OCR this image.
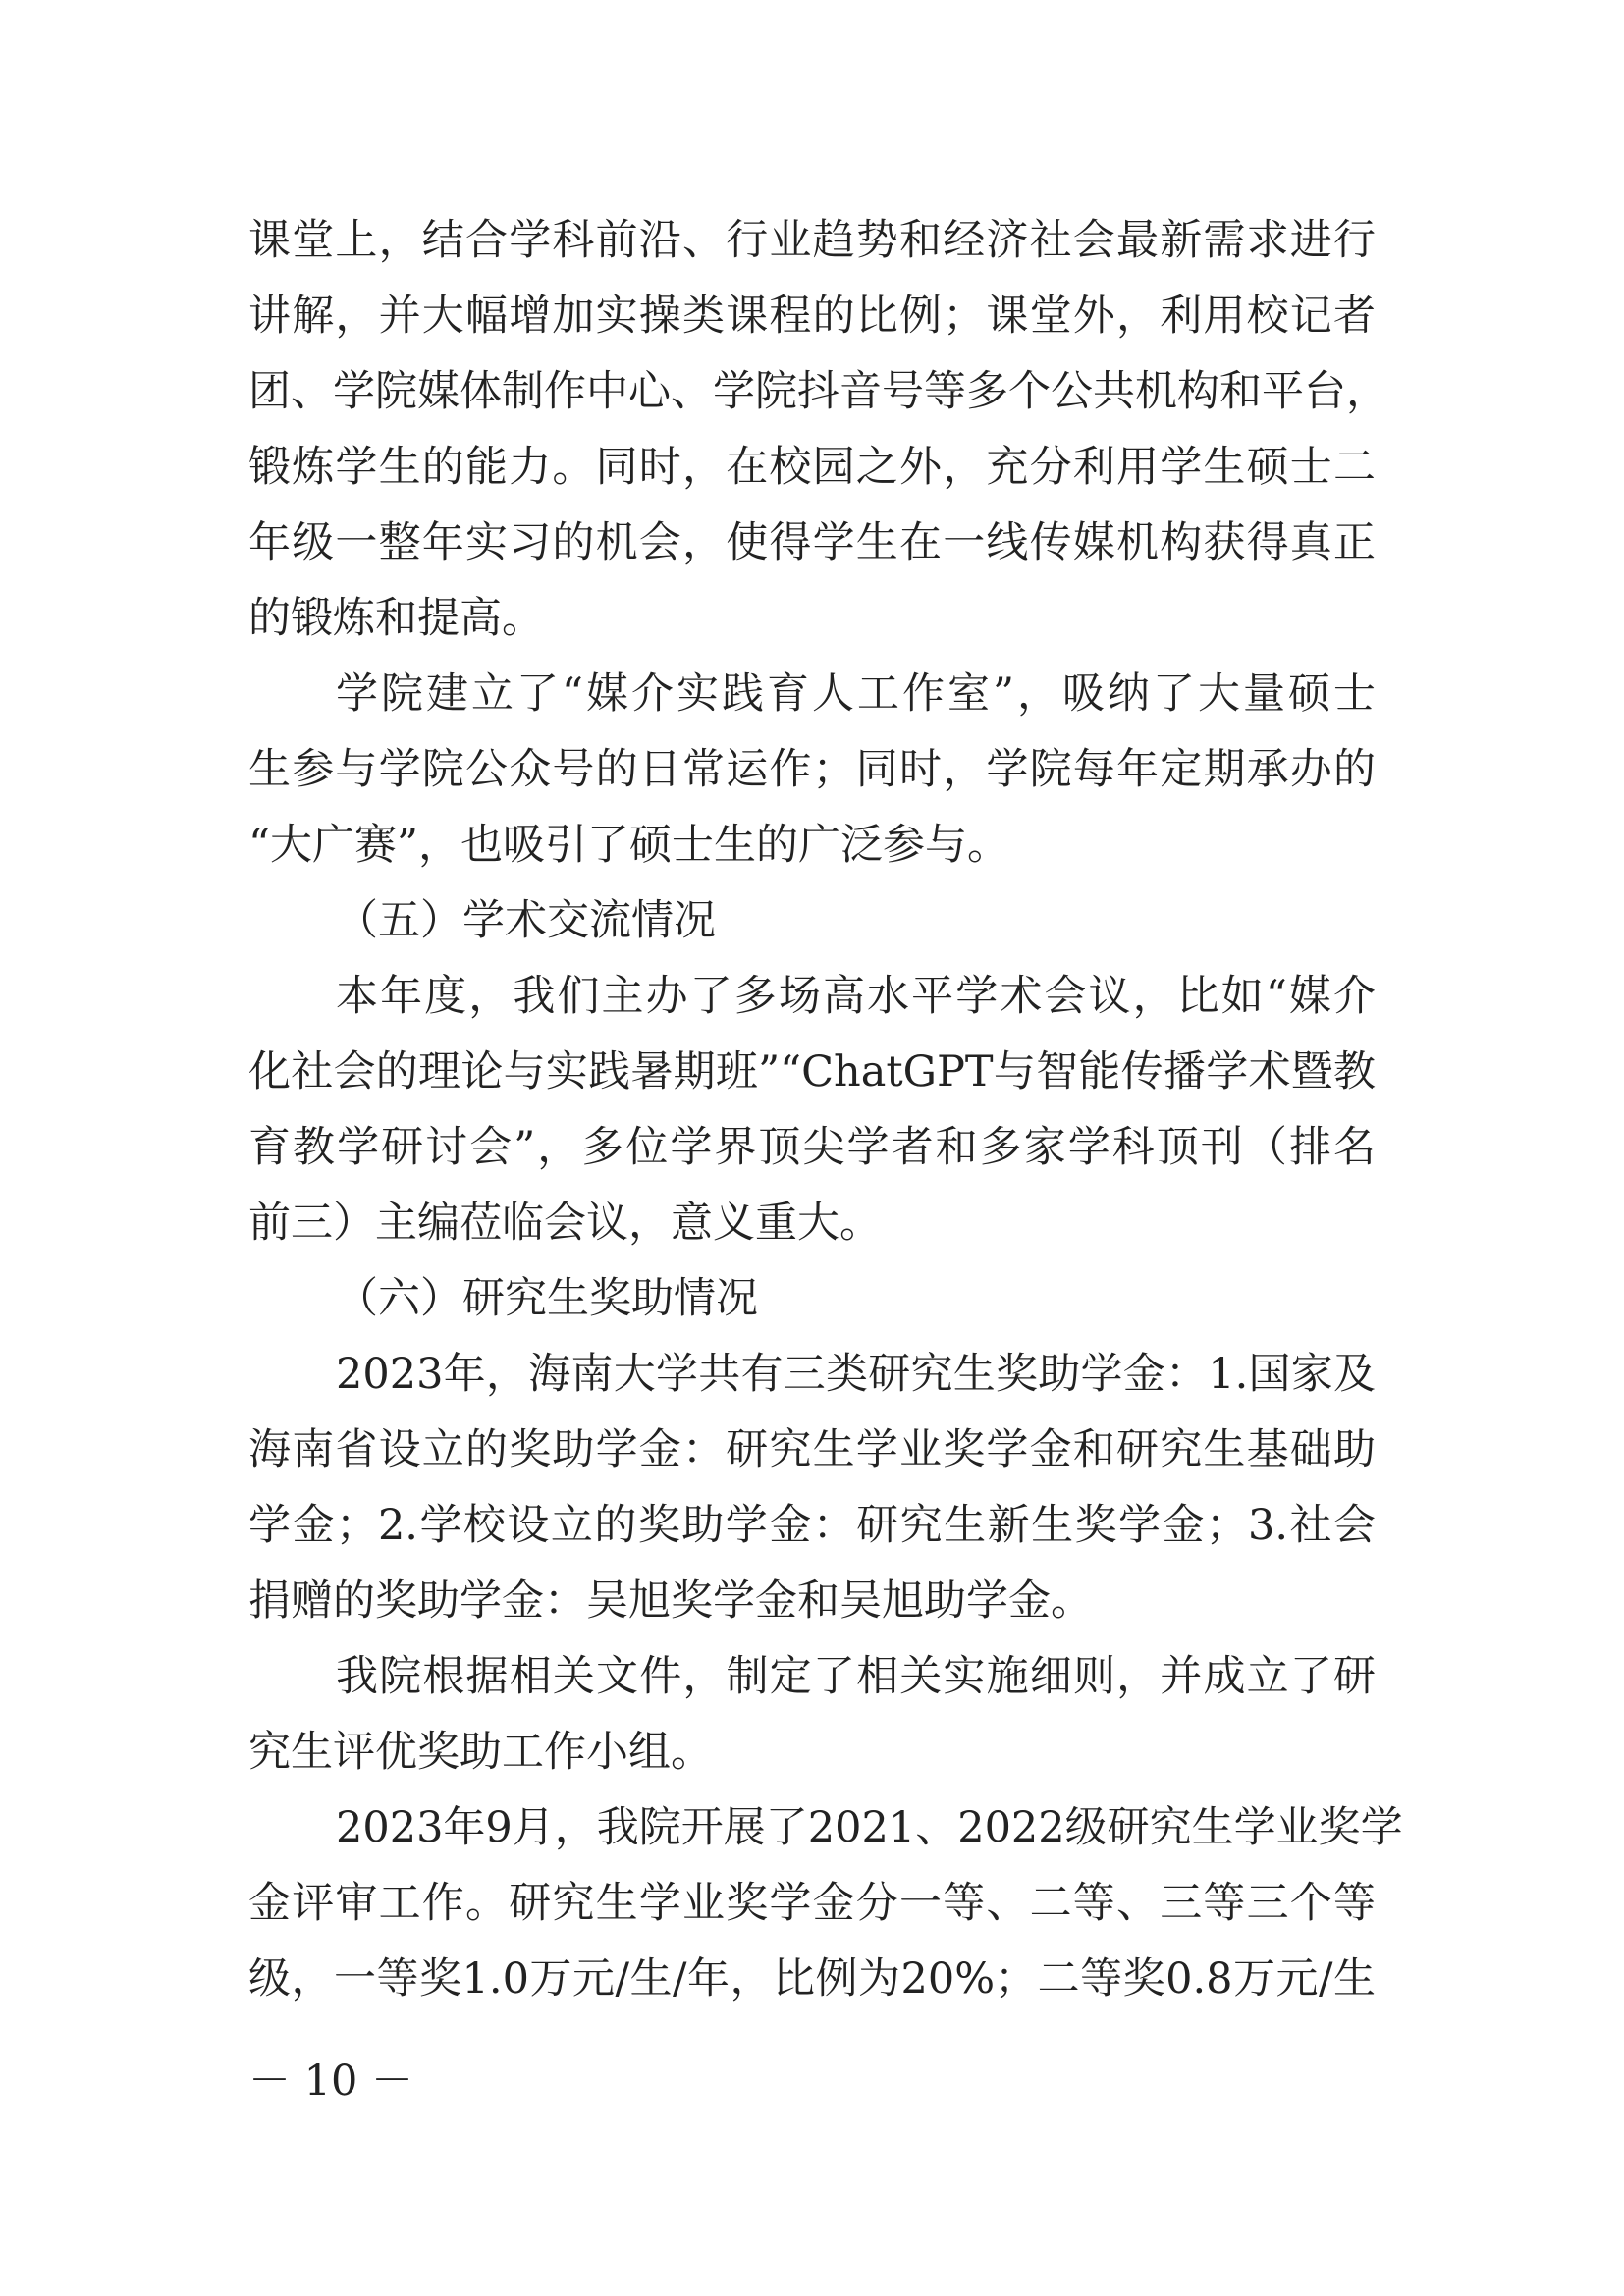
课堂上，结合学科前沿、行业趋势和经济社会最新需求进行
讲解，并大幅增加实操类课程的比例；课堂外，利用校记者
团、学院媒体制作中心、学院抖音号等多个公共机构和平台，
锻炼学生的能力。同时，在校园之外，充分利用学生硕士二
年级一整年实习的机会，使得学生在一线传媒机构获得真正
的锻炼和提高。
学院建立了“媒介实践育人工作室”，吸纳了大量硕士
生参与学院公众号的日常运作；同时，学院每年定期承办的
“大广赛”，也吸引了硕士生的广泛参与。
（五）学术交流情况
本年度，我们主办了多场高水平学术会议，比如“媒介
化社会的理论与实践暑期班”“ChatGPT与智能传播学术暨教
育教学研讨会”，多位学界顶尖学者和多家学科顶刊（排名
前三）主编莅临会议，意义重大。
（六）研究生奖助情况
2023年，海南大学共有三类研究生奖助学金：1.国家及
海南省设立的奖助学金：研究生学业奖学金和研究生基础助
学金；2.学校设立的奖助学金：研究生新生奖学金；3.社会
捐赠的奖助学金：吴旭奖学金和吴旭助学金。
我院根据相关文件，制定了相关实施细则，并成立了研
究生评优奖助工作小组。
2023年9月，我院开展了2021、2022级研究生学业奖学
金评审工作。研究生学业奖学金分一等、二等、三等三个等
级，一等奖1.0万元/生/年，比例为20%；二等奖0.8万元/生
－ 10 －
